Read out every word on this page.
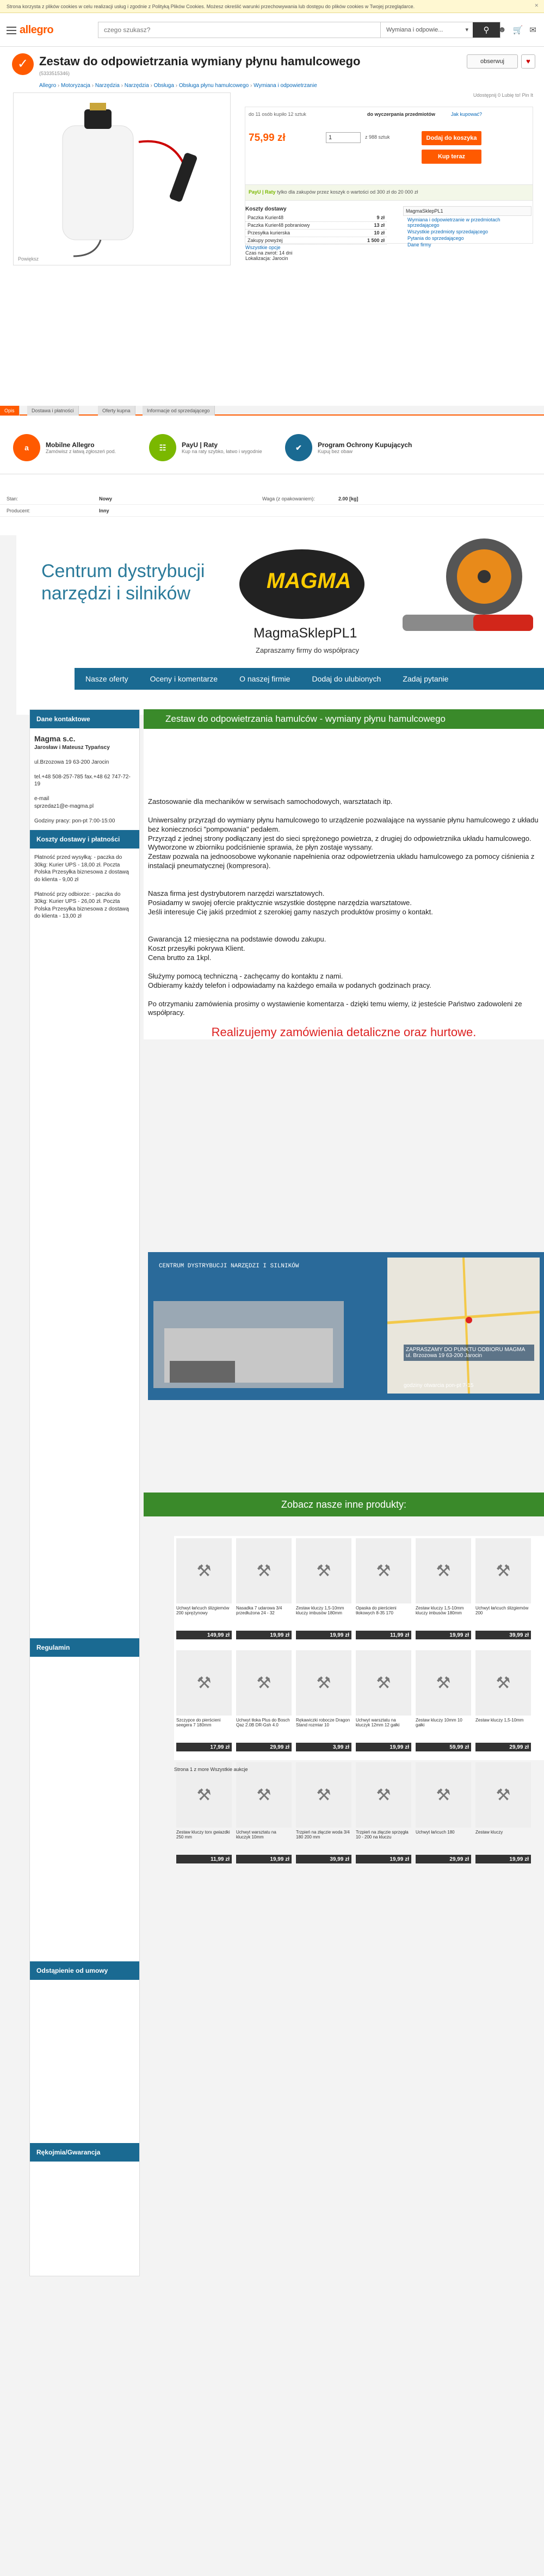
Strona korzysta z plików cookies w celu realizacji usług i zgodnie z Polityką Plików Cookies. Możesz określić warunki przechowywania lub dostępu do plików cookies w Twojej przeglądarce.	✕
allegro
czego szukasz?	Wymiana i odpowie... ▾	⚲	☻ 🛒 ✉
✓ Zestaw do odpowietrzania wymiany płynu hamulcowego
(5333515346)
obserwuj	♥
Allegro › Motoryzacja › Narzędzia › Narzędzia › Obsługa › Obsługa płynu hamulcowego › Wymiana i odpowietrzanie
Powiększ
Udostępnij 0 Lubię to! Pin It
do 11 osób kupiło 12 sztuk	do wyczerpania przedmiotów	Jak kupować?
75,99 zł	1	z 988 sztuk	Dodaj do koszyka
Kup teraz
PayU | Raty tylko dla zakupów przez koszyk o wartości od 300 zł do 20 000 zł
Koszty dostawy
Paczka Kurier48	9 zł
Paczka Kurier48 pobraniowy	13 zł
Przesyłka kurierska	10 zł
Zakupy powyżej	1 500 zł
Wszystkie opcje
Czas na zwrot: 14 dni
Lokalizacja: Jarocin
MagmaSklepPL1
Wymiana i odpowietrzanie w przedmiotach sprzedającego
Wszystkie przedmioty sprzedającego
Pytania do sprzedającego
Dane firmy
Opis	Dostawa i płatności	Oferty kupna	Informacje od sprzedającego
a	Mobilne Allegro

Zamówisz z łatwą zgłoszeń pod.	☷	PayU | Raty

Kup na raty szybko, łatwo i wygodnie	✔	Program Ochrony Kupujących

Kupuj bez obaw

Stan:	Nowy	Waga (z opakowaniem):	2.00 [kg]
Producent:	Inny
Centrum dystrybucji
narzędzi i silników
MAGMA
MagmaSklepPL1
Zapraszamy firmy do współpracy
Nasze oferty	Oceny i komentarze	O naszej firmie	Dodaj do ulubionych	Zadaj pytanie
Dane kontaktowe
Magma s.c.
Jarosław i Mateusz Typańscy

ul.Brzozowa 19 63-200 Jarocin

tel.+48 508-257-785 fax.+48 62 747-72-19

e-mail
sprzedaz1@e-magma.pl

Godziny pracy: pon-pt 7:00-15:00
Koszty dostawy i płatności

Płatność przed wysyłką: - paczka do 30kg: Kurier UPS - 18,00 zł. Poczta Polska Przesyłka biznesowa z dostawą do klienta - 9,00 zł

Płatność przy odbiorze: - paczka do 30kg: Kurier UPS - 26,00 zł. Poczta Polska Przesyłka biznesowa z dostawą do klienta - 13,00 zł

Regulamin
Odstąpienie od umowy
Rękojmia/Gwarancja
Zestaw do odpowietrzania hamulców - wymiany płynu hamulcowego

Zastosowanie dla mechaników w serwisach samochodowych, warsztatach itp.

Uniwersalny przyrząd do wymiany płynu hamulcowego to urządzenie pozwalające na wyssanie płynu hamulcowego z układu bez konieczności "pompowania" pedałem.

Przyrząd z jednej strony podłączany jest do sieci sprężonego powietrza, z drugiej do odpowietrznika układu hamulcowego. Wytworzone w zbiorniku podciśnienie sprawia, że płyn zostaje wyssany.

Zestaw pozwala na jednoosobowe wykonanie napełnienia oraz odpowietrzenia układu hamulcowego za pomocy ciśnienia z instalacji pneumatycznej (kompresora).

Nasza firma jest dystrybutorem narzędzi warsztatowych.

Posiadamy w swojej ofercie praktycznie wszystkie dostępne narzędzia warsztatowe.

Jeśli interesuje Cię jakiś przedmiot z szerokiej gamy naszych produktów prosimy o kontakt.

Gwarancja 12 miesięczna na podstawie dowodu zakupu.

Koszt przesyłki pokrywa Klient.

Cena brutto za 1kpl.

Służymy pomocą techniczną - zachęcamy do kontaktu z nami.

Odbieramy każdy telefon i odpowiadamy na każdego emaila w podanych godzinach pracy.

Po otrzymaniu zamówienia prosimy o wystawienie komentarza - dzięki temu wiemy, iż jesteście Państwo zadowoleni ze współpracy.

Realizujemy zamówienia detaliczne oraz hurtowe.

CENTRUM DYSTRYBUCJI NARZĘDZI I SILNIKÓW
ZAPRASZAMY DO PUNKTU ODBIORU MAGMA ul. Brzozowa 19 63-200 Jarocin
godziny otwarcia pon-pt 7-15
Zobacz nasze inne produkty:
⚒
Uchwyt łańcuch ślizgiemów 200 sprężynowy
149,99 zł
⚒
Nasadka 7 udarowa 3/4 przedłużona 24 - 32
19,99 zł
⚒
Zestaw kluczy 1,5-10mm kluczy imbusów 180mm
19,99 zł
⚒
Opaska do pierścieni tłokowych 8-35 170
11,99 zł
⚒
Zestaw kluczy 1,5-10mm kluczy imbusów 180mm
19,99 zł
⚒
Uchwyt łańcuch ślizgiemów 200
39,99 zł
⚒
Szczypce do pierścieni seegera 7 180mm
17,99 zł
⚒
Uchwyt tłoka Plus do Bosch Qaz 2.0B DR-Gsh 4.0
29,99 zł
⚒
Rękawiczki robocze Dragon Stand rozmiar 10
3,99 zł
⚒
Uchwyt warsztatu na kluczyk 12mm 12 gałki
19,99 zł
⚒
Zestaw kluczy 10mm 10 gałki
59,99 zł
⚒
Zestaw kluczy 1,5-10mm
29,99 zł
⚒
Zestaw kluczy torx gwiazdki 250 mm
11,99 zł
⚒
Uchwyt warsztatu na kluczyk 10mm
19,99 zł
⚒
Trzpień na złączie woda 3/4 180 200 mm
39,99 zł
⚒
Trzpień na złączie sprzęgła 10 - 200 na kluczu
19,99 zł
⚒
Uchwyt łańcuch 180
29,99 zł
⚒
Zestaw kluczy
19,99 zł
Strona 1 z more Wszystkie aukcje
